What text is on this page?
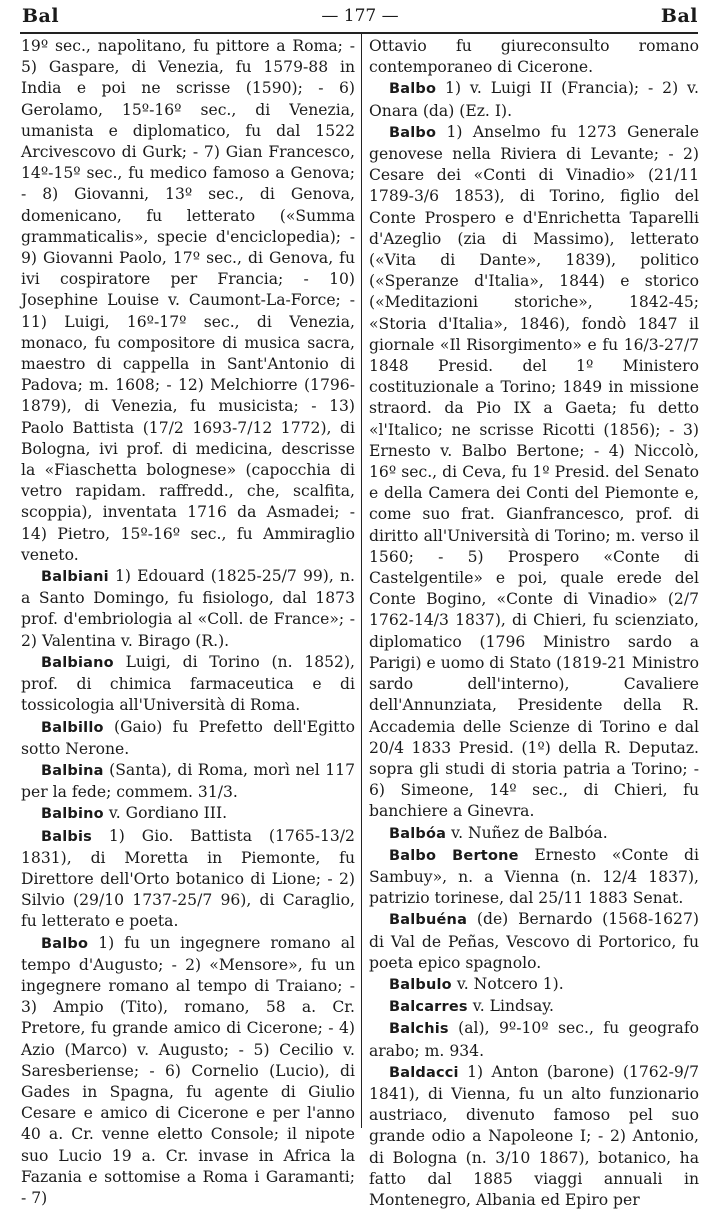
Bal	— 177 —	Bal

19º sec., napolitano, fu pittore a Roma; - 5) Gaspare, di Venezia, fu 1579-88 in India e poi ne scrisse (1590); - 6) Gerolamo, 15º-16º sec., di Venezia, umanista e diplomatico, fu dal 1522 Arcivescovo di Gurk; - 7) Gian Francesco, 14º-15º sec., fu medico famoso a Genova; - 8) Giovanni, 13º sec., di Genova, domenicano, fu letterato («Summa grammaticalis», specie d'enciclopedia); - 9) Giovanni Paolo, 17º sec., di Genova, fu ivi cospiratore per Francia; - 10) Josephine Louise v. Caumont-La-Force; - 11) Luigi, 16º-17º sec., di Venezia, monaco, fu compositore di musica sacra, maestro di cappella in Sant'Antonio di Padova; m. 1608; - 12) Melchiorre (1796-1879), di Venezia, fu musicista; - 13) Paolo Battista (17/2 1693-7/12 1772), di Bologna, ivi prof. di medicina, descrisse la «Fiaschetta bolognese» (capocchia di vetro rapidam. raffredd., che, scalfita, scoppia), inventata 1716 da Asmadei; - 14) Pietro, 15º-16º sec., fu Ammiraglio veneto.

Balbiani 1) Edouard (1825-25/7 99), n. a Santo Domingo, fu fisiologo, dal 1873 prof. d'embriologia al «Coll. de France»; - 2) Valentina v. Birago (R.).

Balbiano Luigi, di Torino (n. 1852), prof. di chimica farmaceutica e di tossicologia all'Università di Roma.

Balbillo (Gaio) fu Prefetto dell'Egitto sotto Nerone.

Balbina (Santa), di Roma, morì nel 117 per la fede; commem. 31/3.

Balbino v. Gordiano III.

Balbis 1) Gio. Battista (1765-13/2 1831), di Moretta in Piemonte, fu Direttore dell'Orto botanico di Lione; - 2) Silvio (29/10 1737-25/7 96), di Caraglio, fu letterato e poeta.

Balbo 1) fu un ingegnere romano al tempo d'Augusto; - 2) «Mensore», fu un ingegnere romano al tempo di Traiano; - 3) Ampio (Tito), romano, 58 a. Cr. Pretore, fu grande amico di Cicerone; - 4) Azio (Marco) v. Augusto; - 5) Cecilio v. Saresberiense; - 6) Cornelio (Lucio), di Gades in Spagna, fu agente di Giulio Cesare e amico di Cicerone e per l'anno 40 a. Cr. venne eletto Console; il nipote suo Lucio 19 a. Cr. invase in Africa la Fazania e sottomise a Roma i Garamanti; - 7)

Ottavio fu giureconsulto romano contemporaneo di Cicerone.

Balbo 1) v. Luigi II (Francia); - 2) v. Onara (da) (Ez. I).

Balbo 1) Anselmo fu 1273 Generale genovese nella Riviera di Levante; - 2) Cesare dei «Conti di Vinadio» (21/11 1789-3/6 1853), di Torino, figlio del Conte Prospero e d'Enrichetta Taparelli d'Azeglio (zia di Massimo), letterato («Vita di Dante», 1839), politico («Speranze d'Italia», 1844) e storico («Meditazioni storiche», 1842-45; «Storia d'Italia», 1846), fondò 1847 il giornale «Il Risorgimento» e fu 16/3-27/7 1848 Presid. del 1º Ministero costituzionale a Torino; 1849 in missione straord. da Pio IX a Gaeta; fu detto «l'Italico; ne scrisse Ricotti (1856); - 3) Ernesto v. Balbo Bertone; - 4) Niccolò, 16º sec., di Ceva, fu 1º Presid. del Senato e della Camera dei Conti del Piemonte e, come suo frat. Gianfrancesco, prof. di diritto all'Università di Torino; m. verso il 1560; - 5) Prospero «Conte di Castelgentile» e poi, quale erede del Conte Bogino, «Conte di Vinadio» (2/7 1762-14/3 1837), di Chieri, fu scienziato, diplomatico (1796 Ministro sardo a Parigi) e uomo di Stato (1819-21 Ministro sardo dell'interno), Cavaliere dell'Annunziata, Presidente della R. Accademia delle Scienze di Torino e dal 20/4 1833 Presid. (1º) della R. Deputaz. sopra gli studi di storia patria a Torino; - 6) Simeone, 14º sec., di Chieri, fu banchiere a Ginevra.

Balbóa v. Nuñez de Balbóa.

Balbo Bertone Ernesto «Conte di Sambuy», n. a Vienna (n. 12/4 1837), patrizio torinese, dal 25/11 1883 Senat.

Balbuéna (de) Bernardo (1568-1627) di Val de Peñas, Vescovo di Portorico, fu poeta epico spagnolo.

Balbulo v. Notcero 1).

Balcarres v. Lindsay.

Balchis (al), 9º-10º sec., fu geografo arabo; m. 934.

Baldacci 1) Anton (barone) (1762-9/7 1841), di Vienna, fu un alto funzionario austriaco, divenuto famoso pel suo grande odio a Napoleone I; - 2) Antonio, di Bologna (n. 3/10 1867), botanico, ha fatto dal 1885 viaggi annuali in Montenegro, Albania ed Epiro per
